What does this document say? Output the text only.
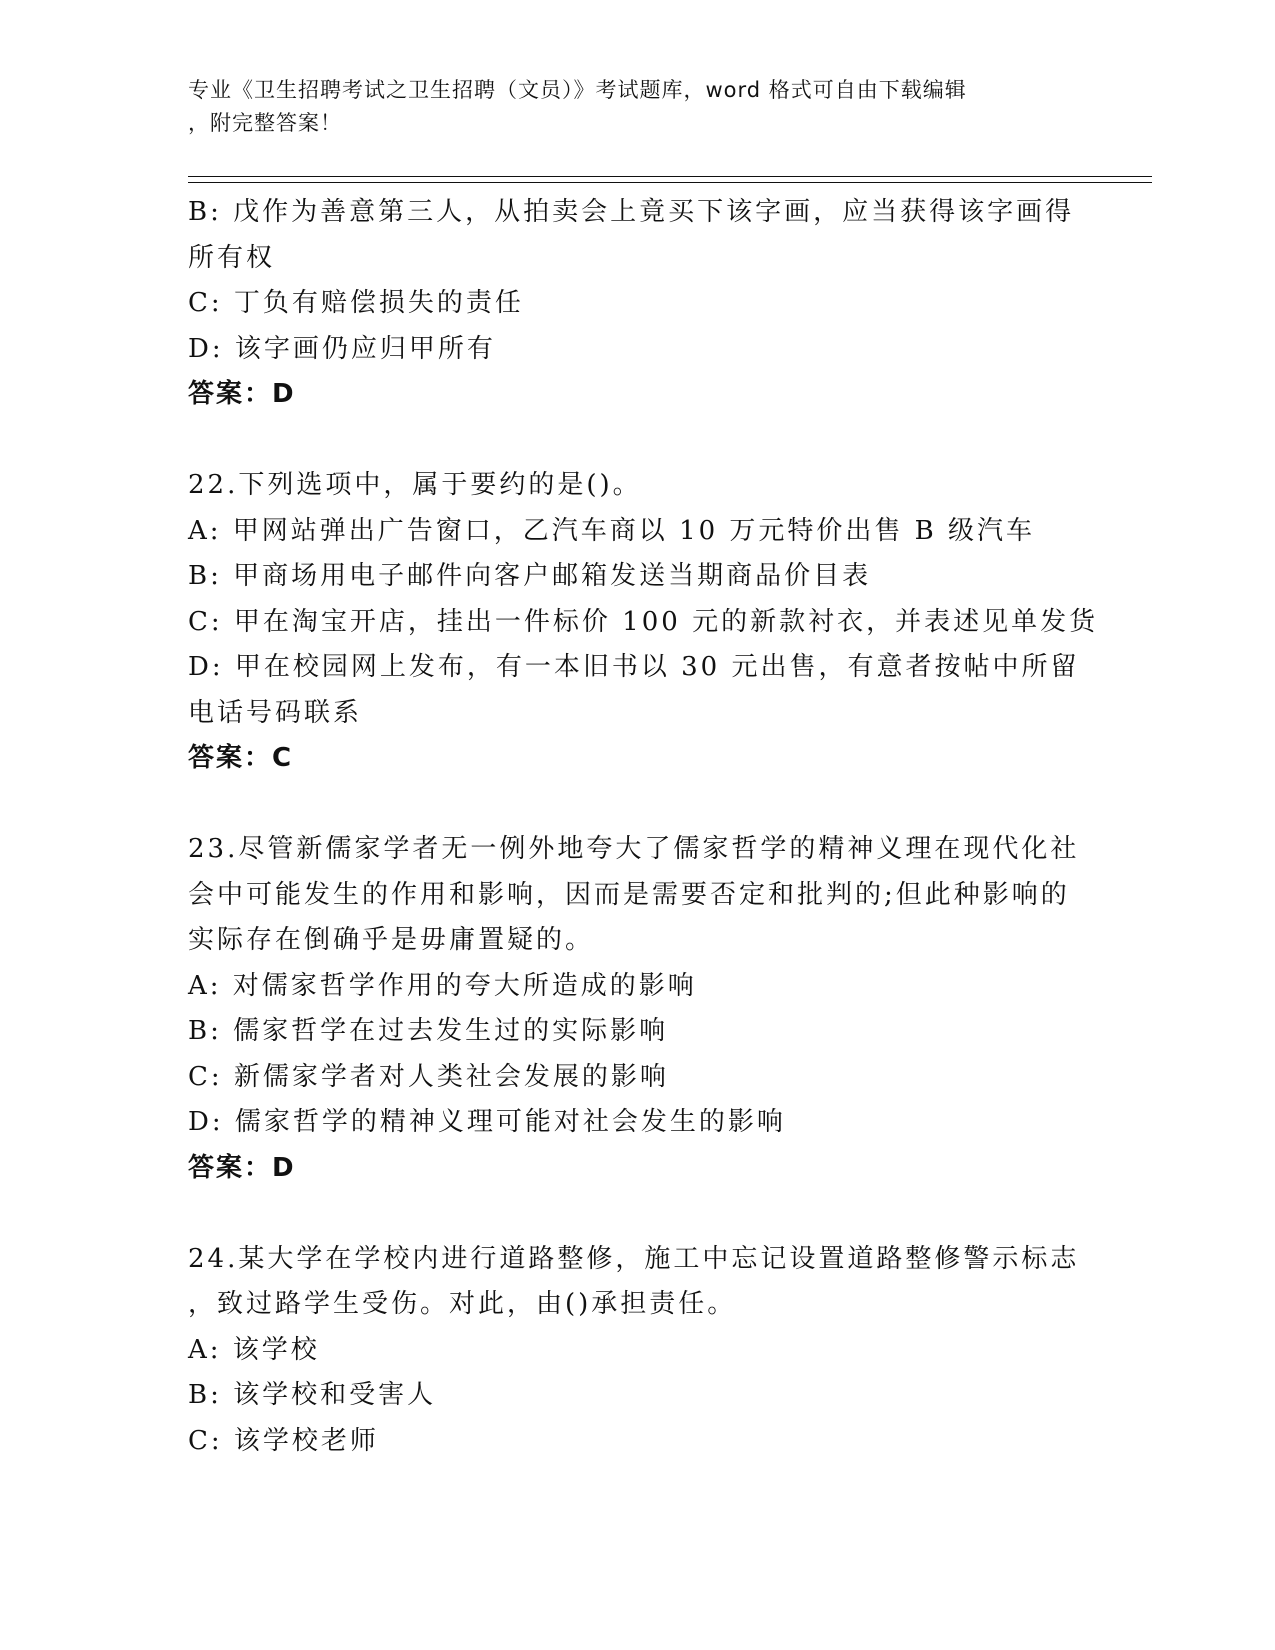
专业《卫生招聘考试之卫生招聘（文员）》考试题库，word 格式可自由下载编辑
，附完整答案！
B: 戊作为善意第三人，从拍卖会上竟买下该字画，应当获得该字画得
所有权
C: 丁负有赔偿损失的责任
D: 该字画仍应归甲所有
答案：D
22.下列选项中，属于要约的是()。
A: 甲网站弹出广告窗口，乙汽车商以 10 万元特价出售 B 级汽车
B: 甲商场用电子邮件向客户邮箱发送当期商品价目表
C: 甲在淘宝开店，挂出一件标价 100 元的新款衬衣，并表述见单发货
D: 甲在校园网上发布，有一本旧书以 30 元出售，有意者按帖中所留
电话号码联系
答案：C
23.尽管新儒家学者无一例外地夸大了儒家哲学的精神义理在现代化社
会中可能发生的作用和影响，因而是需要否定和批判的;但此种影响的
实际存在倒确乎是毋庸置疑的。
A: 对儒家哲学作用的夸大所造成的影响
B: 儒家哲学在过去发生过的实际影响
C: 新儒家学者对人类社会发展的影响
D: 儒家哲学的精神义理可能对社会发生的影响
答案：D
24.某大学在学校内进行道路整修，施工中忘记设置道路整修警示标志
，致过路学生受伤。对此，由()承担责任。
A: 该学校
B: 该学校和受害人
C: 该学校老师
